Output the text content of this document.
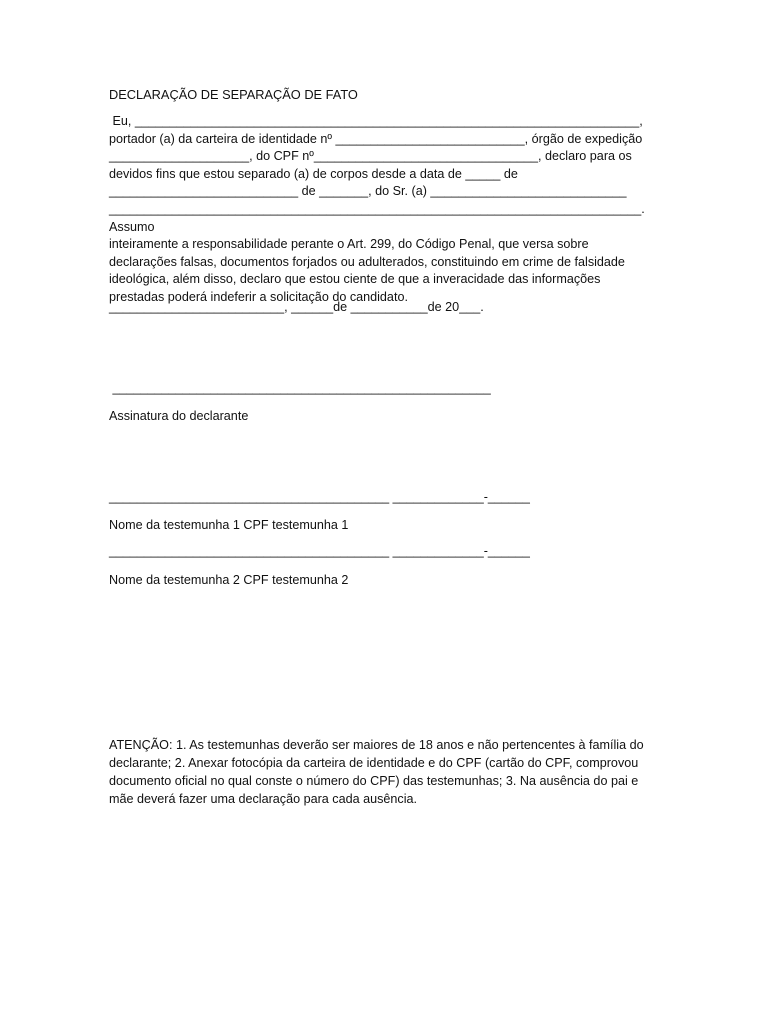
DECLARAÇÃO DE SEPARAÇÃO DE FATO
Eu, ________________________________________________________________________,
portador (a) da carteira de identidade nº ___________________________, órgão de expedição
____________________, do CPF nº________________________________, declaro para os
devidos fins que estou separado (a) de corpos desde a data de _____ de
___________________________ de _______, do Sr. (a) ____________________________
____________________________________________________________________________. Assumo
inteiramente a responsabilidade perante o Art. 299, do Código Penal, que versa sobre
declarações falsas, documentos forjados ou adulterados, constituindo em crime de falsidade
ideológica, além disso, declaro que estou ciente de que a inveracidade das informações
prestadas poderá indeferir a solicitação do candidato.
_________________________, ______de ___________de 20___.
______________________________________________________
Assinatura do declarante
________________________________________ _____________-______
Nome da testemunha 1 CPF testemunha 1
________________________________________ _____________-______
Nome da testemunha 2 CPF testemunha 2
ATENÇÃO: 1. As testemunhas deverão ser maiores de 18 anos e não pertencentes à família do
declarante; 2. Anexar fotocópia da carteira de identidade e do CPF (cartão do CPF, comprovou
documento oficial no qual conste o número do CPF) das testemunhas; 3. Na ausência do pai e
mãe deverá fazer uma declaração para cada ausência.
